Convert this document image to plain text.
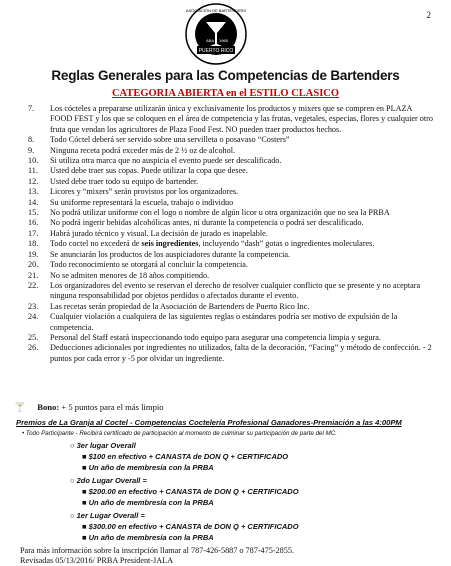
2
PUERTO RICO
ASOCIACIÓN DE BARTENDERS
ABA 1965
Reglas Generales para las Competencias de Bartenders
CATEGORIA ABIERTA en el ESTILO CLASICO
7. Los cócteles a prepararse utilizarán única y exclusivamente los productos y mixers que se compren en PLAZA FOOD FEST y los que se coloquen en el área de competencia y las frutas, vegetales, especias, flores y cualquier otro fruta que vendan los agricultores de Plaza Food Fest. NO pueden traer productos hechos.
8. Todo Cóctel deberá ser servido sobre una servilleta o posavaso “Costers”
9. Ninguna receta podrá exceder más de 2 ½ oz de alcohol.
10. Si utiliza otra marca que no auspicia el evento puede ser descalificado.
11. Usted debe traer sus copas. Puede utilizar la copa que desee.
12. Usted debe traer todo su equipo de bartender.
13. Licores y “mixers” serán provistos por los organizadores.
14. Su uniforme representará la escuela, trabajo o individuo
15. No podrá utilizar uniforme con el logo o nombre de algún licor u otra organización que no sea la PRBA
16. No podrá ingerir bebidas alcohólicas antes, ni durante la competencia o podrá ser descalificado.
17. Habrá jurado técnico y visual. La decisión de jurado es inapelable.
18. Todo coctel no excederá de seis ingredientes, incluyendo “dash” gotas o ingredientes moleculares.
19. Se anunciarán los productos de los auspiciadores durante la competencia.
20. Todo reconocimiento se otorgará al concluir la competencia.
21. No se admiten menores de 18 años compitiendo.
22. Los organizadores del evento se reservan el derecho de resolver cualquier conflicto que se presente y no aceptara ninguna responsabilidad por objetos perdidos o afectados durante el evento.
23. Las recetas serán propiedad de la Asociación de Bartenders de Puerto Rico Inc.
24. Cualquier violación a cualquiera de las siguientes reglas o estándares podría ser motivo de expulsión de la competencia.
25. Personal del Staff estará inspeccionando todo equipo para asegurar una competencia limpia y segura.
26. Deducciones adicionales por ingredientes no utilizados, falta de la decoración, “Facing” y método de confección. - 2 puntos por cada error y -5 por olvidar un ingrediente.
🍸 Bono: + 5 puntos para el más limpio
Premios de La Granja al Coctel - Competencias Coctelería Profesional Ganadores-Premiación a las 4:00PM
• Todo Participante - Recibirá certificado de participación al momento de culminar su participación de parte del MC.
○ 3er lugar Overall
■ $100 en efectivo + CANASTA de DON Q + CERTIFICADO
■ Un año de membresía con la PRBA
○ 2do Lugar Overall =
■ $200.00 en efectivo + CANASTA de DON Q + CERTIFICADO
■ Un año de membresía con la PRBA
○ 1er Lugar Overall =
■ $300.00 en efectivo + CANASTA de DON Q + CERTIFICADO
■ Un año de membresía con la PRBA
Para más información sobre la inscripción llamar al 787-426-5887 o 787-475-2855.
Revisadas 05/13/2016/ PRBA President-JALA
